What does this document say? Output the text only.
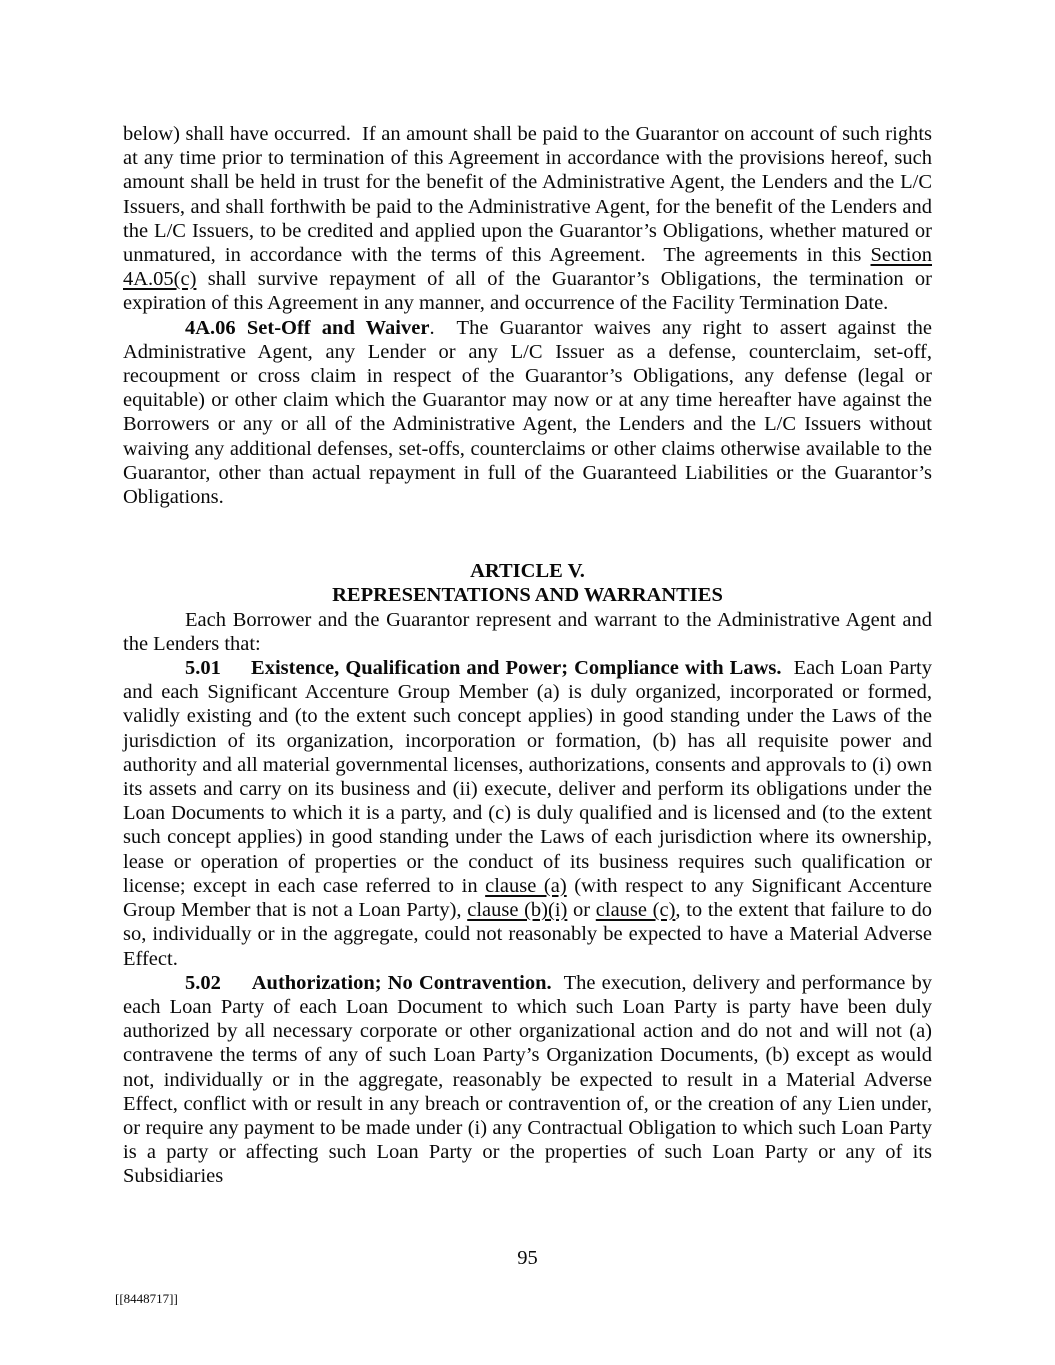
below) shall have occurred.  If an amount shall be paid to the Guarantor on account of such rights at any time prior to termination of this Agreement in accordance with the provisions hereof, such amount shall be held in trust for the benefit of the Administrative Agent, the Lenders and the L/C Issuers, and shall forthwith be paid to the Administrative Agent, for the benefit of the Lenders and the L/C Issuers, to be credited and applied upon the Guarantor’s Obligations, whether matured or unmatured, in accordance with the terms of this Agreement.  The agreements in this Section 4A.05(c) shall survive repayment of all of the Guarantor’s Obligations, the termination or expiration of this Agreement in any manner, and occurrence of the Facility Termination Date.

4A.06 Set-Off and Waiver.  The Guarantor waives any right to assert against the Administrative Agent, any Lender or any L/C Issuer as a defense, counterclaim, set-off, recoupment or cross claim in respect of the Guarantor’s Obligations, any defense (legal or equitable) or other claim which the Guarantor may now or at any time hereafter have against the Borrowers or any or all of the Administrative Agent, the Lenders and the L/C Issuers without waiving any additional defenses, set-offs, counterclaims or other claims otherwise available to the Guarantor, other than actual repayment in full of the Guaranteed Liabilities or the Guarantor’s Obligations.

ARTICLE V.
REPRESENTATIONS AND WARRANTIES

Each Borrower and the Guarantor represent and warrant to the Administrative Agent and the Lenders that:

5.01     Existence, Qualification and Power; Compliance with Laws.  Each Loan Party and each Significant Accenture Group Member (a) is duly organized, incorporated or formed, validly existing and (to the extent such concept applies) in good standing under the Laws of the jurisdiction of its organization, incorporation or formation, (b) has all requisite power and authority and all material governmental licenses, authorizations, consents and approvals to (i) own its assets and carry on its business and (ii) execute, deliver and perform its obligations under the Loan Documents to which it is a party, and (c) is duly qualified and is licensed and (to the extent such concept applies) in good standing under the Laws of each jurisdiction where its ownership, lease or operation of properties or the conduct of its business requires such qualification or license; except in each case referred to in clause (a) (with respect to any Significant Accenture Group Member that is not a Loan Party), clause (b)(i) or clause (c), to the extent that failure to do so, individually or in the aggregate, could not reasonably be expected to have a Material Adverse Effect.

5.02     Authorization; No Contravention.  The execution, delivery and performance by each Loan Party of each Loan Document to which such Loan Party is party have been duly authorized by all necessary corporate or other organizational action and do not and will not (a) contravene the terms of any of such Loan Party’s Organization Documents, (b) except as would not, individually or in the aggregate, reasonably be expected to result in a Material Adverse Effect, conflict with or result in any breach or contravention of, or the creation of any Lien under, or require any payment to be made under (i) any Contractual Obligation to which such Loan Party is a party or affecting such Loan Party or the properties of such Loan Party or any of its Subsidiaries

95
[[8448717]]
